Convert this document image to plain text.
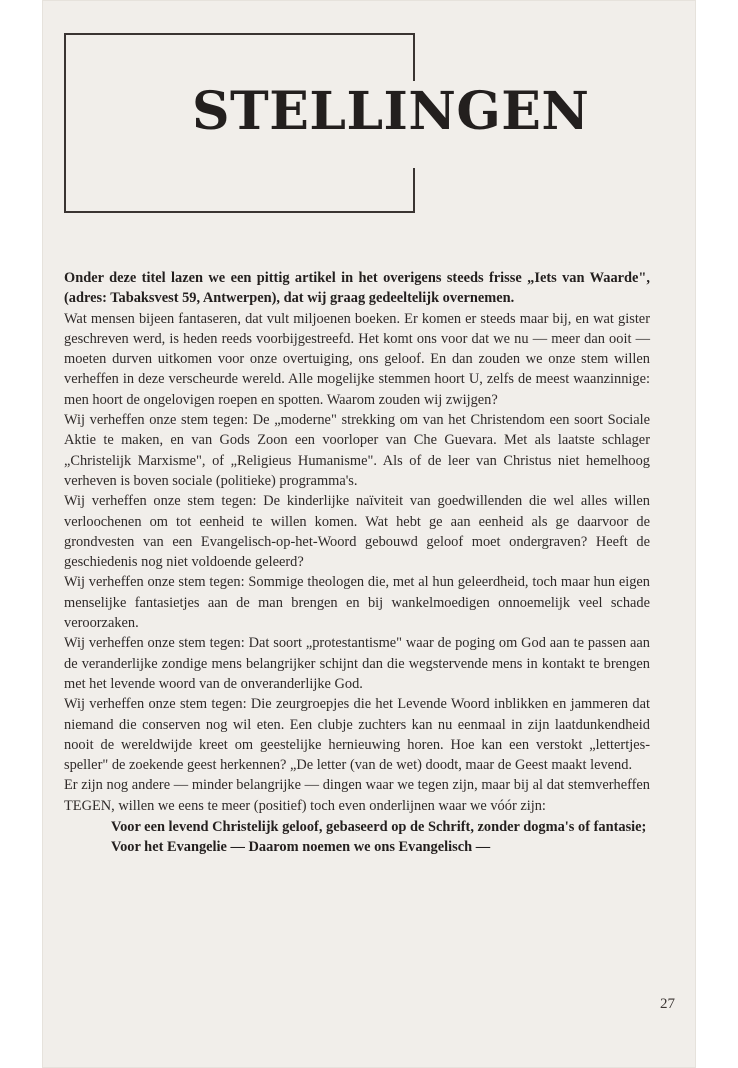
STELLINGEN

Onder deze titel lazen we een pittig artikel in het overigens steeds frisse „Iets van Waarde", (adres: Tabaksvest 59, Antwerpen), dat wij graag gedeeltelijk overnemen.

Wat mensen bijeen fantaseren, dat vult miljoenen boeken. Er komen er steeds maar bij, en wat gister geschreven werd, is heden reeds voorbijgestreefd. Het komt ons voor dat we nu — meer dan ooit — moeten durven uitkomen voor onze overtuiging, ons geloof. En dan zouden we onze stem willen verheffen in deze verscheurde wereld. Alle mogelijke stemmen hoort U, zelfs de meest waanzinnige: men hoort de ongelovigen roepen en spotten. Waarom zouden wij zwijgen?

Wij verheffen onze stem tegen: De „moderne" strekking om van het Christendom een soort Sociale Aktie te maken, en van Gods Zoon een voorloper van Che Guevara. Met als laatste schlager „Christelijk Marxisme", of „Religieus Humanisme". Als of de leer van Christus niet hemelhoog verheven is boven sociale (politieke) programma's.

Wij verheffen onze stem tegen: De kinderlijke naïviteit van goedwillenden die wel alles willen verloochenen om tot eenheid te willen komen. Wat hebt ge aan eenheid als ge daarvoor de grondvesten van een Evangelisch-op-het-Woord gebouwd geloof moet ondergraven? Heeft de geschiedenis nog niet voldoende geleerd?

Wij verheffen onze stem tegen: Sommige theologen die, met al hun geleerdheid, toch maar hun eigen menselijke fantasietjes aan de man brengen en bij wankelmoedigen onnoemelijk veel schade veroorzaken.

Wij verheffen onze stem tegen: Dat soort „protestantisme" waar de poging om God aan te passen aan de veranderlijke zondige mens belangrijker schijnt dan die wegstervende mens in kontakt te brengen met het levende woord van de onveranderlijke God.

Wij verheffen onze stem tegen: Die zeurgroepjes die het Levende Woord inblikken en jammeren dat niemand die conserven nog wil eten. Een clubje zuchters kan nu eenmaal in zijn laatdunkendheid nooit de wereldwijde kreet om geestelijke hernieuwing horen. Hoe kan een verstokt „lettertjes-speller" de zoekende geest herkennen? „De letter (van de wet) doodt, maar de Geest maakt levend.

Er zijn nog andere — minder belangrijke — dingen waar we tegen zijn, maar bij al dat stemverheffen TEGEN, willen we eens te meer (positief) toch even onderlijnen waar we vóór zijn:

Voor een levend Christelijk geloof, gebaseerd op de Schrift, zonder dogma's of fantasie;

Voor het Evangelie — Daarom noemen we ons Evangelisch —

27
